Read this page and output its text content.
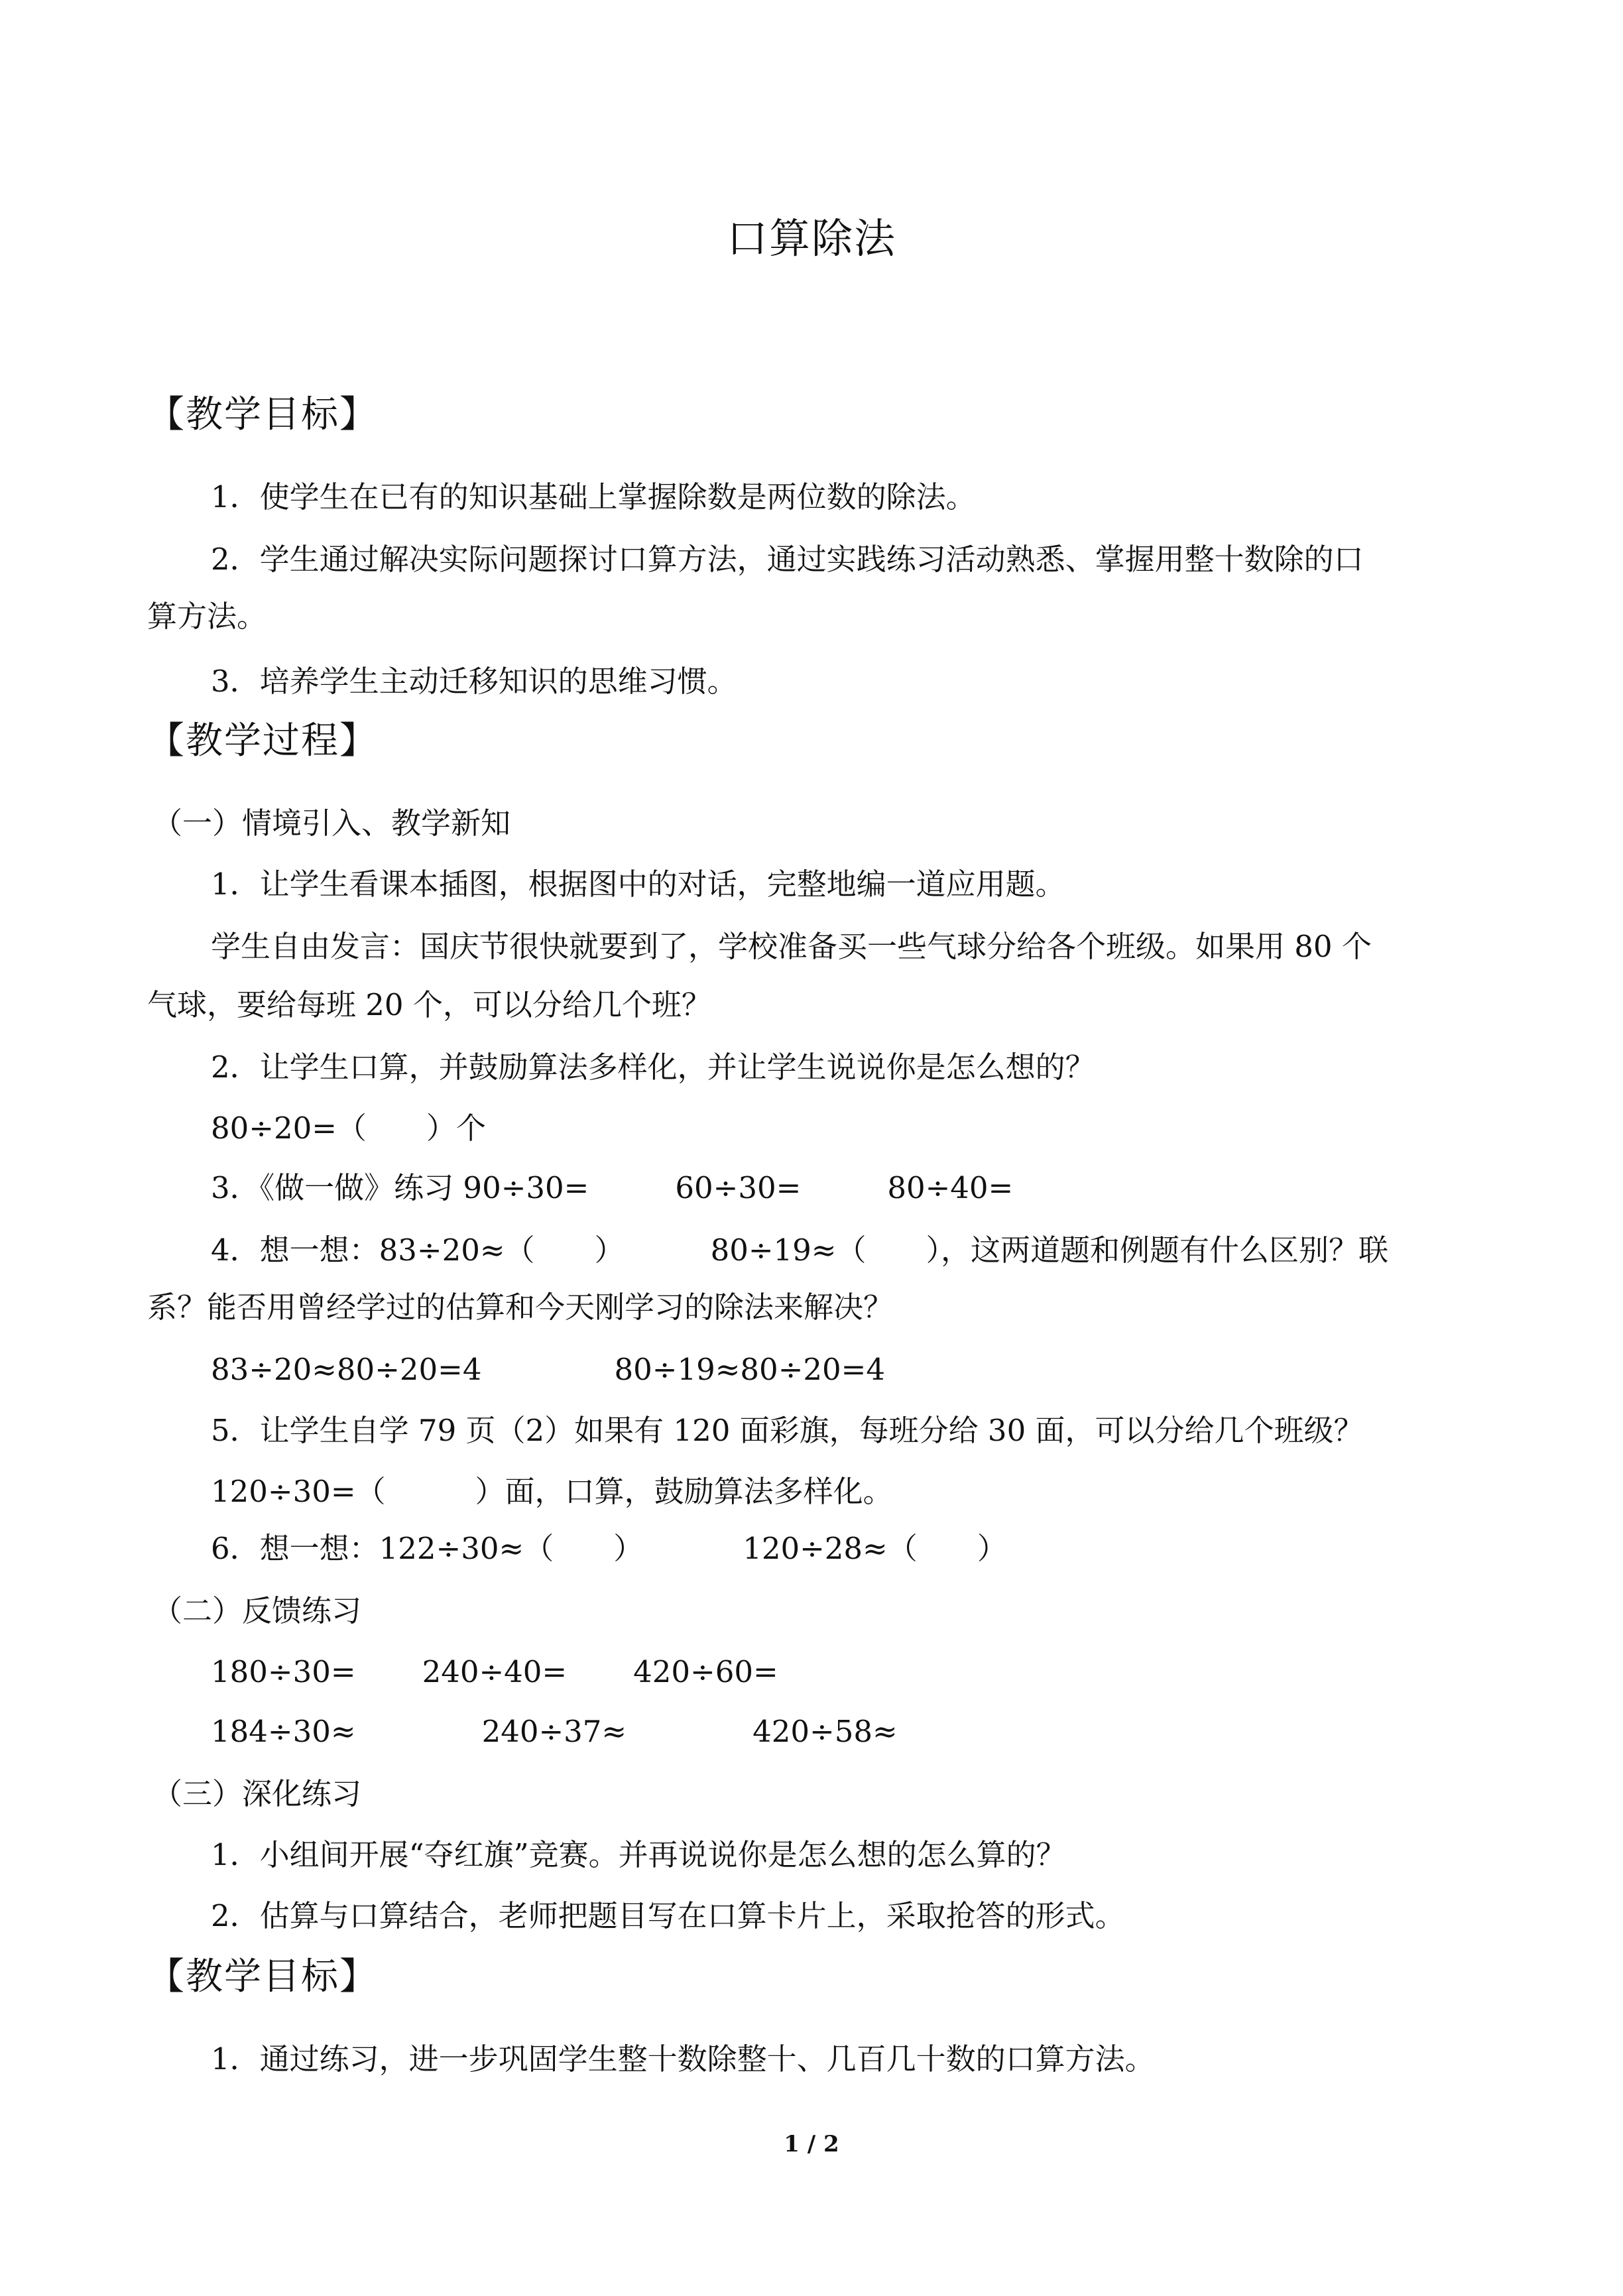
口算除法
【教学目标】
1．使学生在已有的知识基础上掌握除数是两位数的除法。
2．学生通过解决实际问题探讨口算方法，通过实践练习活动熟悉、掌握用整十数除的口
算方法。
3．培养学生主动迁移知识的思维习惯。
【教学过程】
（一）情境引入、教学新知
1．让学生看课本插图，根据图中的对话，完整地编一道应用题。
学生自由发言：国庆节很快就要到了，学校准备买一些气球分给各个班级。如果用 80 个
气球，要给每班 20 个，可以分给几个班？
2．让学生口算，并鼓励算法多样化，并让学生说说你是怎么想的？
80÷20=（　　）个
3．《做一做》练习 90÷30=	60÷30=	80÷40=
4．想一想：83÷20≈（　　）	80÷19≈（　　），这两道题和例题有什么区别？联
系？能否用曾经学过的估算和今天刚学习的除法来解决？
83÷20≈80÷20=4	80÷19≈80÷20=4
5．让学生自学 79 页（2）如果有 120 面彩旗，每班分给 30 面，可以分给几个班级？
120÷30=（　　　）面，口算，鼓励算法多样化。
6．想一想：122÷30≈（　　）	120÷28≈（　　）
（二）反馈练习
180÷30= 240÷40= 420÷60=
184÷30≈	240÷37≈	420÷58≈
（三）深化练习
1．小组间开展“夺红旗”竞赛。并再说说你是怎么想的怎么算的？
2．估算与口算结合，老师把题目写在口算卡片上，采取抢答的形式。
【教学目标】
1．通过练习，进一步巩固学生整十数除整十、几百几十数的口算方法。
1 / 2
